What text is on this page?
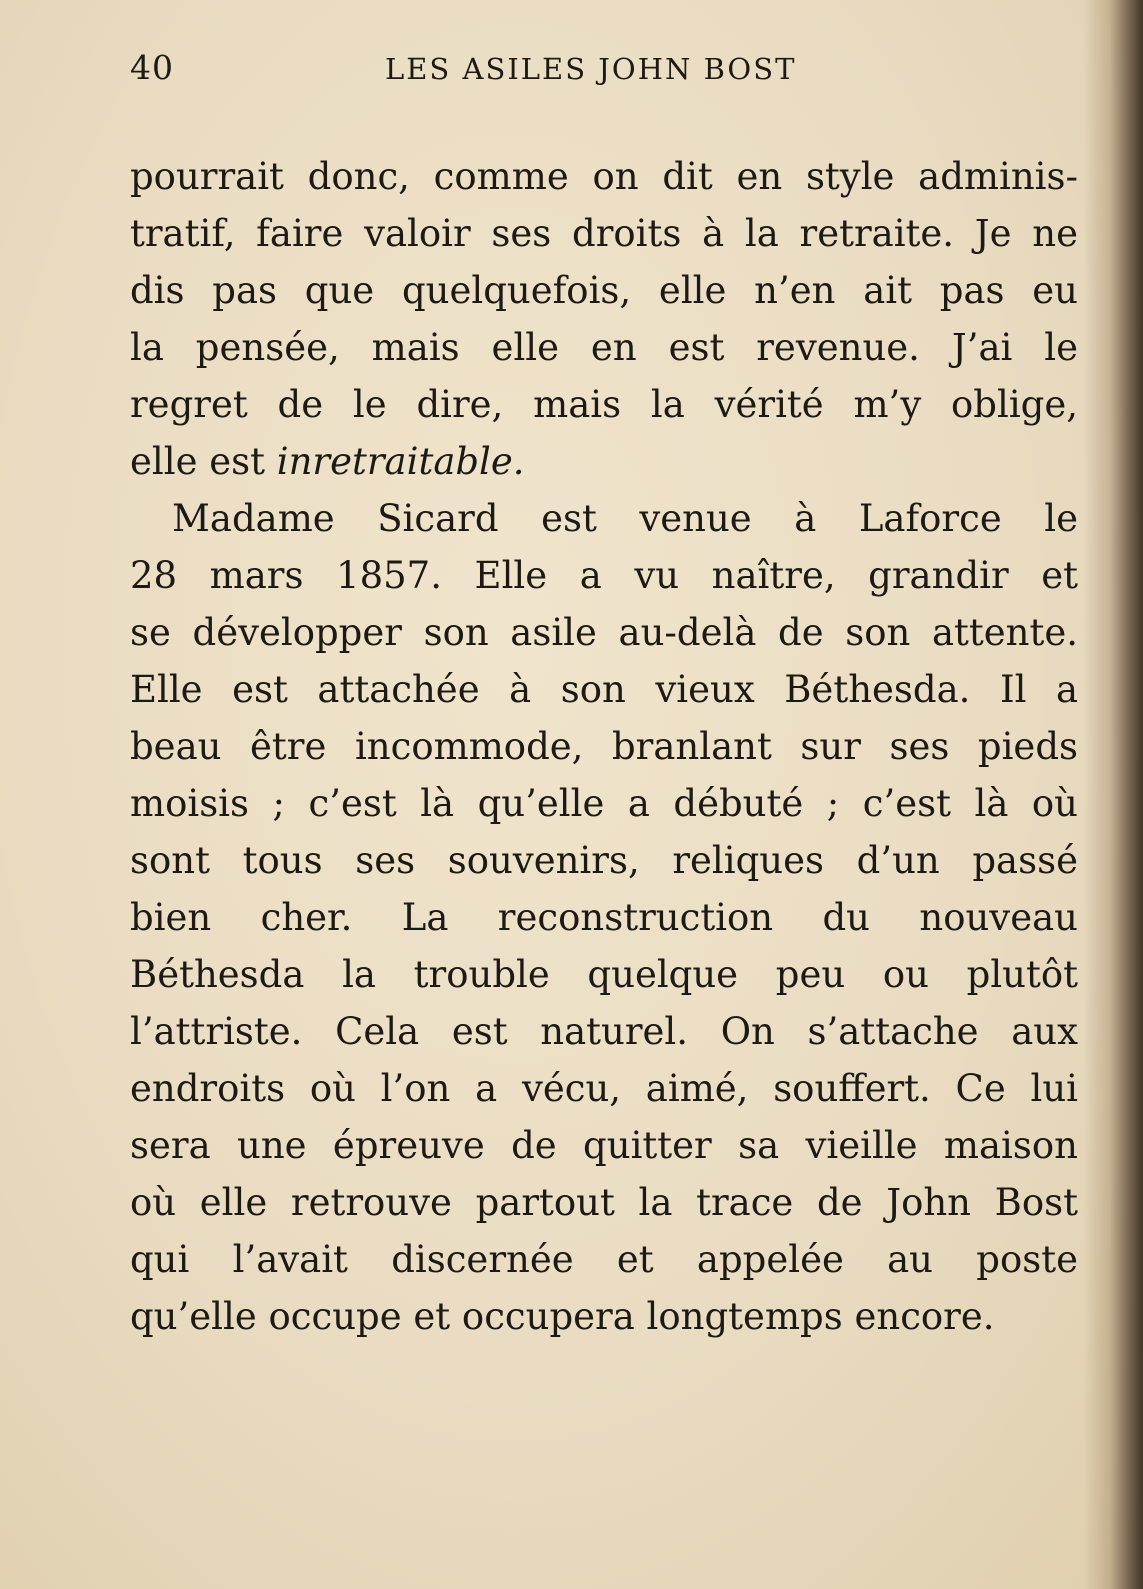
40	LES ASILES JOHN BOST
pourrait donc, comme on dit en style adminis-
tratif, faire valoir ses droits à la retraite. Je ne
dis pas que quelquefois, elle n’en ait pas eu
la pensée, mais elle en est revenue. J’ai le
regret de le dire, mais la vérité m’y oblige,
elle est inretraitable.
Madame Sicard est venue à Laforce le
28 mars 1857. Elle a vu naître, grandir et
se développer son asile au-delà de son attente.
Elle est attachée à son vieux Béthesda. Il a
beau être incommode, branlant sur ses pieds
moisis ; c’est là qu’elle a débuté ; c’est là où
sont tous ses souvenirs, reliques d’un passé
bien cher. La reconstruction du nouveau
Béthesda la trouble quelque peu ou plutôt
l’attriste. Cela est naturel. On s’attache aux
endroits où l’on a vécu, aimé, souffert. Ce lui
sera une épreuve de quitter sa vieille maison
où elle retrouve partout la trace de John Bost
qui l’avait discernée et appelée au poste
qu’elle occupe et occupera longtemps encore.
